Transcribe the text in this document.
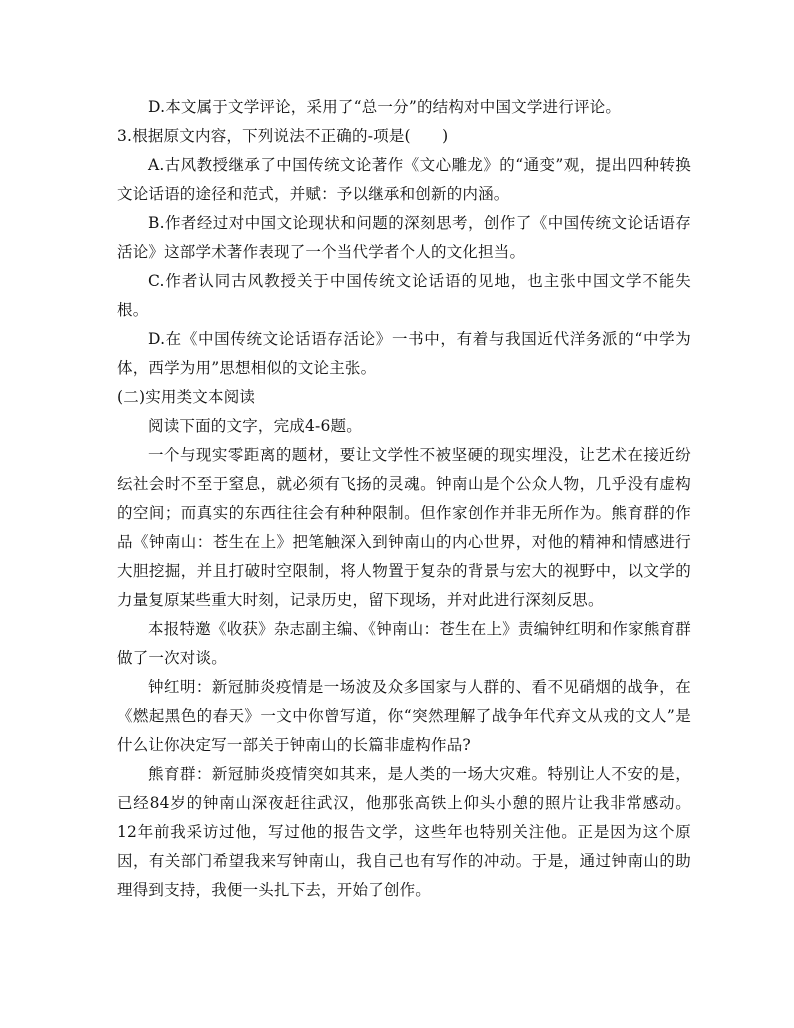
D.本文属于文学评论，采用了“总一分”的结构对中国文学进行评论。

3.根据原文内容，下列说法不正确的-项是(　　)

A.古风教授继承了中国传统文论著作《文心雕龙》的“通变”观，提出四种转换文论话语的途径和范式，并赋：予以继承和创新的内涵。

B.作者经过对中国文论现状和问题的深刻思考，创作了《中国传统文论话语存活论》这部学术著作表现了一个当代学者个人的文化担当。

C.作者认同古风教授关于中国传统文论话语的见地，也主张中国文学不能失根。

D.在《中国传统文论话语存活论》一书中，有着与我国近代洋务派的“中学为体，西学为用”思想相似的文论主张。

(二)实用类文本阅读

阅读下面的文字，完成4-6题。

一个与现实零距离的题材，要让文学性不被坚硬的现实埋没，让艺术在接近纷纭社会时不至于窒息，就必须有飞扬的灵魂。钟南山是个公众人物，几乎没有虚构的空间；而真实的东西往往会有种种限制。但作家创作并非无所作为。熊育群的作品《钟南山：苍生在上》把笔触深入到钟南山的内心世界，对他的精神和情感进行大胆挖掘，并且打破时空限制，将人物置于复杂的背景与宏大的视野中，以文学的力量复原某些重大时刻，记录历史，留下现场，并对此进行深刻反思。

本报特邀《收获》杂志副主编、《钟南山：苍生在上》责编钟红明和作家熊育群做了一次对谈。

钟红明：新冠肺炎疫情是一场波及众多国家与人群的、看不见硝烟的战争，在《燃起黑色的春天》一文中你曾写道，你“突然理解了战争年代弃文从戎的文人”是什么让你决定写一部关于钟南山的长篇非虚构作品?

熊育群：新冠肺炎疫情突如其来，是人类的一场大灾难。特别让人不安的是，已经84岁的钟南山深夜赶往武汉，他那张高铁上仰头小憩的照片让我非常感动。12年前我采访过他，写过他的报告文学，这些年也特别关注他。正是因为这个原因，有关部门希望我来写钟南山，我自己也有写作的冲动。于是，通过钟南山的助理得到支持，我便一头扎下去，开始了创作。
